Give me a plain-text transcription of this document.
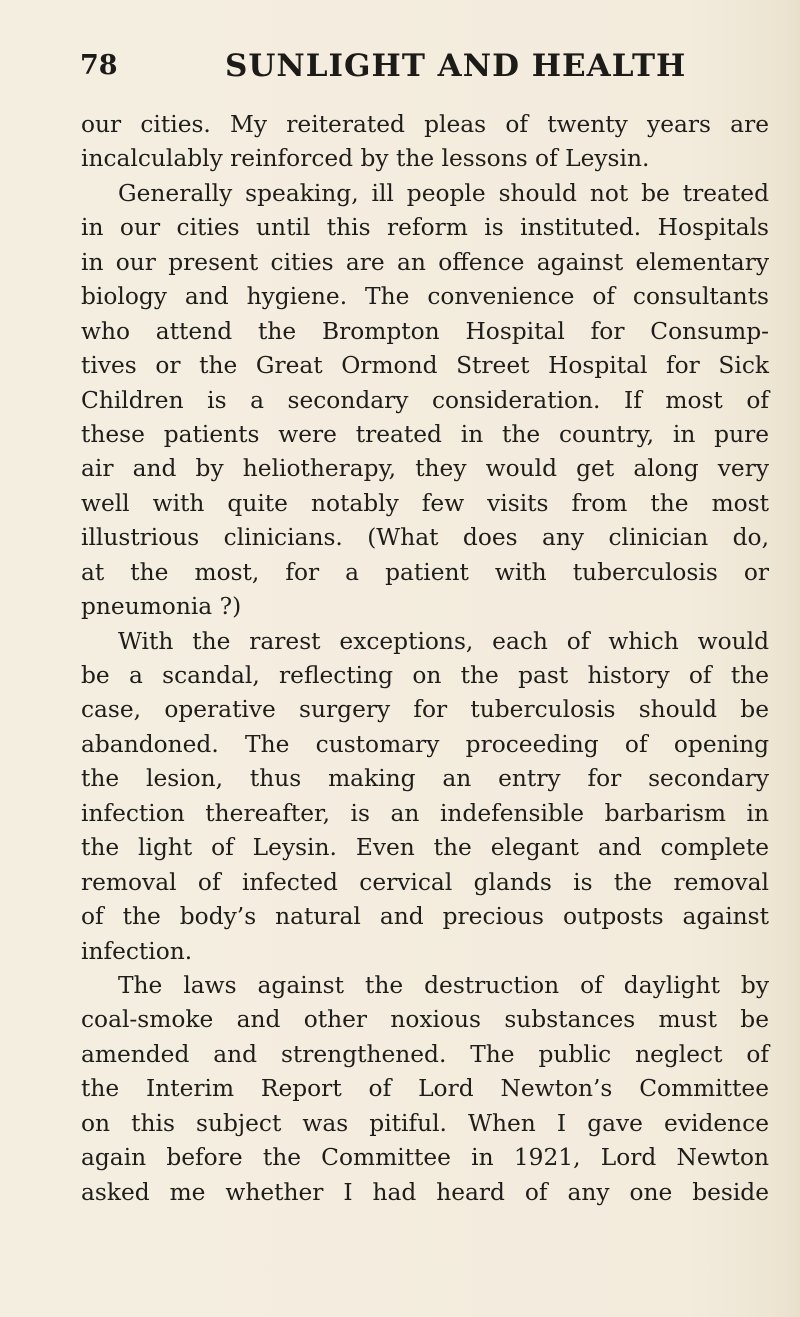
78	SUNLIGHT AND HEALTH
our cities. My reiterated pleas of twenty years are
incalculably reinforced by the lessons of Leysin.
Generally speaking, ill people should not be treated
in our cities until this reform is instituted. Hospitals
in our present cities are an offence against elementary
biology and hygiene. The convenience of consultants
who attend the Brompton Hospital for Consump-
tives or the Great Ormond Street Hospital for Sick
Children is a secondary consideration. If most of
these patients were treated in the country, in pure
air and by heliotherapy, they would get along very
well with quite notably few visits from the most
illustrious clinicians. (What does any clinician do,
at the most, for a patient with tuberculosis or
pneumonia ?)
With the rarest exceptions, each of which would
be a scandal, reflecting on the past history of the
case, operative surgery for tuberculosis should be
abandoned. The customary proceeding of opening
the lesion, thus making an entry for secondary
infection thereafter, is an indefensible barbarism in
the light of Leysin. Even the elegant and complete
removal of infected cervical glands is the removal
of the body’s natural and precious outposts against
infection.
The laws against the destruction of daylight by
coal-smoke and other noxious substances must be
amended and strengthened. The public neglect of
the Interim Report of Lord Newton’s Committee
on this subject was pitiful. When I gave evidence
again before the Committee in 1921, Lord Newton
asked me whether I had heard of any one beside
